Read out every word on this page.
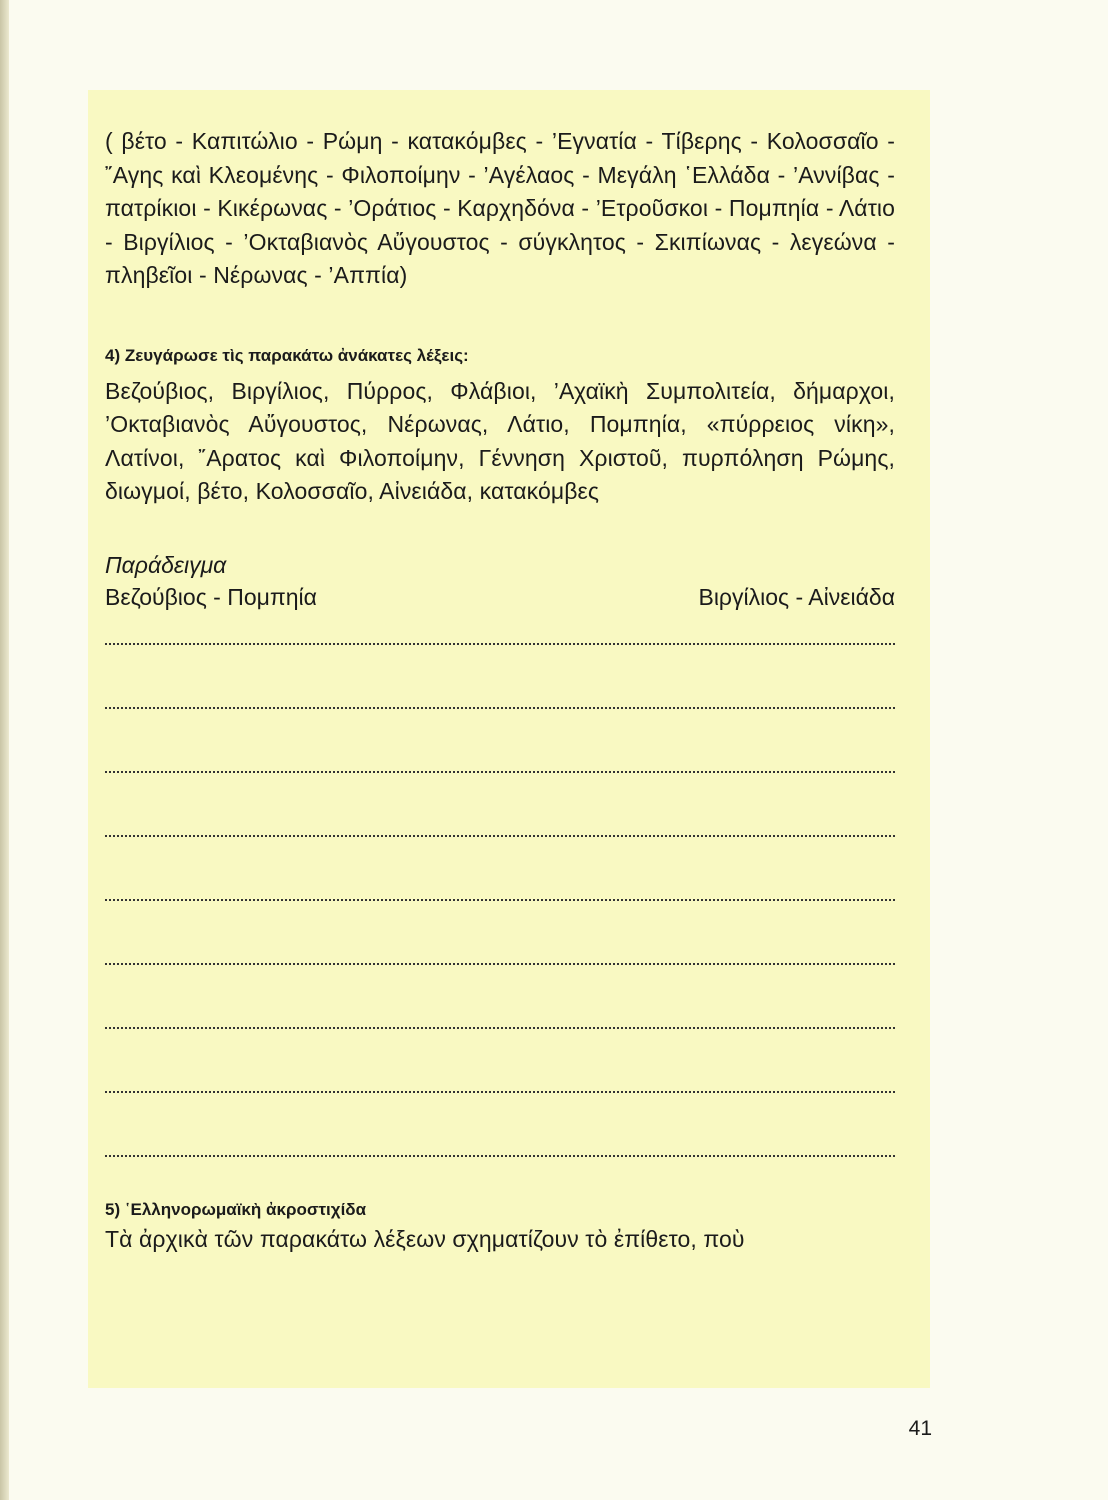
( βέτο - Καπιτώλιο - Ρώμη - κατακόμβες - ’Εγνατία - Τίβερης - Κολοσσαῖο - ῎Αγης καὶ Κλεομένης - Φιλοποίμην - ’Αγέλαος - Μεγάλη ῾Ελλάδα - ’Αννίβας - πατρίκιοι - Κικέρωνας - ’Οράτιος - Καρχηδόνα - ’Ετροῦσκοι - Πομπηία - Λάτιο - Βιργίλιος - ’Οκταβιανὸς Αὔγουστος - σύγκλητος - Σκιπίωνας - λεγεώνα - πληβεῖοι - Νέρωνας - ’Αππία)

4) Ζευγάρωσε τὶς παρακάτω ἀνάκατες λέξεις:

Βεζούβιος, Βιργίλιος, Πύρρος, Φλάβιοι, ’Αχαϊκὴ Συμπολιτεία, δήμαρχοι, ’Οκταβιανὸς Αὔγουστος, Νέρωνας, Λάτιο, Πομπηία, «πύρρειος νίκη», Λατίνοι, ῎Αρατος καὶ Φιλοποίμην, Γέννηση Χριστοῦ, πυρπόληση Ρώμης, διωγμοί, βέτο, Κολοσσαῖο, Αἰνειάδα, κατακόμβες

Παράδειγμα

Βεζούβιος - Πομπηία	Βιργίλιος - Αἰνειάδα

5) ῾Ελληνορωμαϊκὴ ἀκροστιχίδα

Τὰ ἀρχικὰ τῶν παρακάτω λέξεων σχηματίζουν τὸ ἐπίθετο, ποὺ

41
